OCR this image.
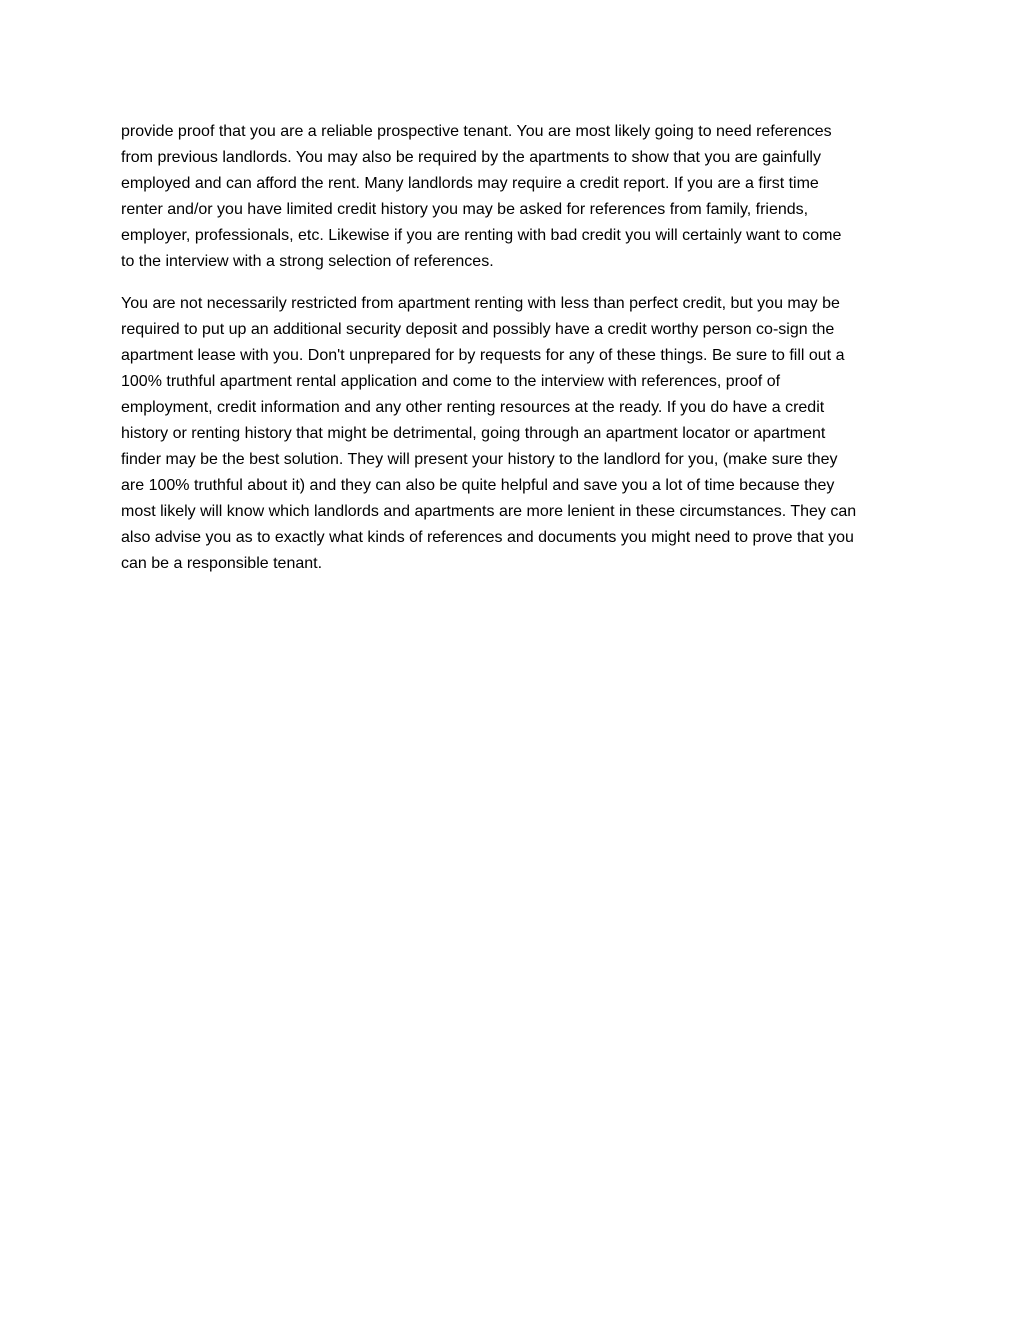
provide proof that you are a reliable prospective tenant. You are most likely going to need references
from previous landlords. You may also be required by the apartments to show that you are gainfully
employed and can afford the rent. Many landlords may require a credit report. If you are a first time
renter and/or you have limited credit history you may be asked for references from family, friends,
employer, professionals, etc. Likewise if you are renting with bad credit you will certainly want to come
to the interview with a strong selection of references.

You are not necessarily restricted from apartment renting with less than perfect credit, but you may be
required to put up an additional security deposit and possibly have a credit worthy person co-sign the
apartment lease with you. Don't unprepared for by requests for any of these things. Be sure to fill out a
100% truthful apartment rental application and come to the interview with references, proof of
employment, credit information and any other renting resources at the ready. If you do have a credit
history or renting history that might be detrimental, going through an apartment locator or apartment
finder may be the best solution. They will present your history to the landlord for you, (make sure they
are 100% truthful about it) and they can also be quite helpful and save you a lot of time because they
most likely will know which landlords and apartments are more lenient in these circumstances. They can
also advise you as to exactly what kinds of references and documents you might need to prove that you
can be a responsible tenant.
